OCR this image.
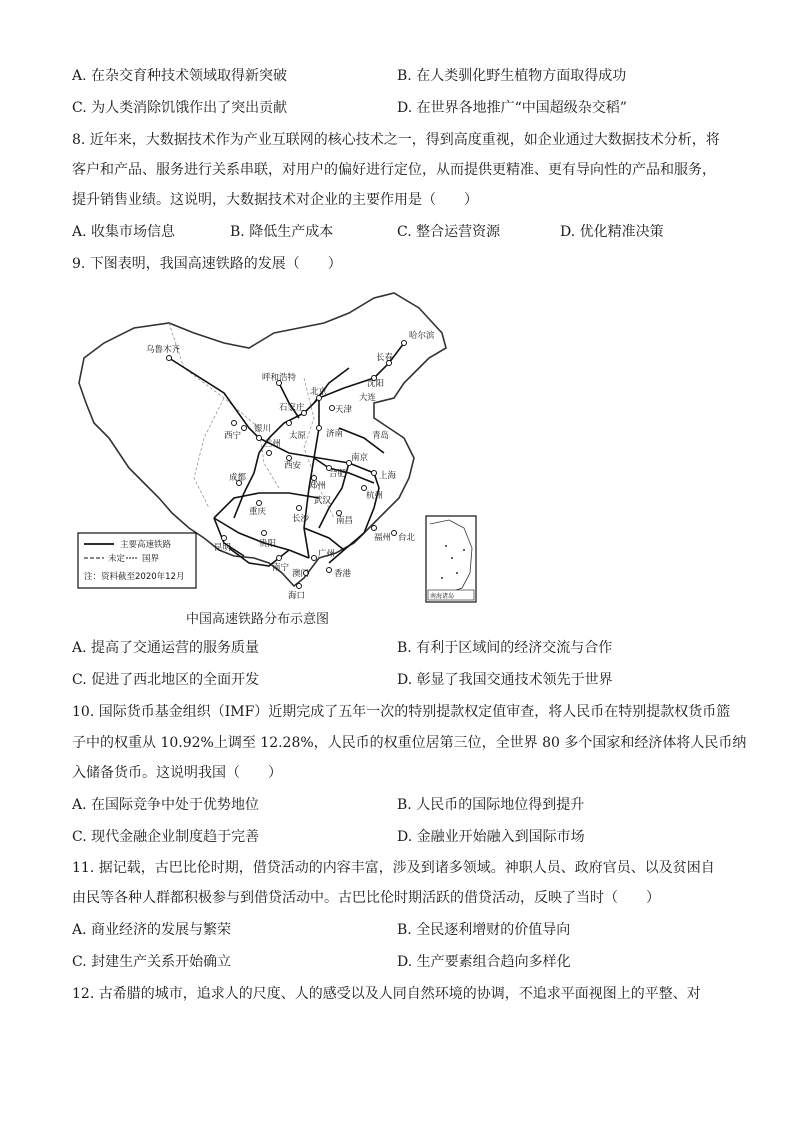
A. 在杂交育种技术领域取得新突破	B. 在人类驯化野生植物方面取得成功
C. 为人类消除饥饿作出了突出贡献	D. 在世界各地推广“中国超级杂交稻”
8. 近年来，大数据技术作为产业互联网的核心技术之一，得到高度重视，如企业通过大数据技术分析，将
客户和产品、服务进行关系串联，对用户的偏好进行定位，从而提供更精准、更有导向性的产品和服务，
提升销售业绩。这说明，大数据技术对企业的主要作用是（　　）
A. 收集市场信息	B. 降低生产成本	C. 整合运营资源	D. 优化精准决策
9. 下图表明，我国高速铁路的发展（　　）
乌鲁木齐
哈尔滨
长春
沈阳
呼和浩特
北京
天津
石家庄
太原
银川
兰州
西宁	济南
西安
郑州
合肥
南京
上海
杭州
武汉
成都
重庆
长沙	南昌
福州 台北
贵阳
昆明
南宁
广州
香港
澳门
海口
大连
青岛
主要高速铁路
未定 国界
注：资料截至2020年12月
南海诸岛
中国高速铁路分布示意图
A. 提高了交通运营的服务质量	B. 有利于区域间的经济交流与合作
C. 促进了西北地区的全面开发	D. 彰显了我国交通技术领先于世界
10. 国际货币基金组织（IMF）近期完成了五年一次的特别提款权定值审查，将人民币在特别提款权货币篮
子中的权重从 10.92%上调至 12.28%，人民币的权重位居第三位，全世界 80 多个国家和经济体将人民币纳
入储备货币。这说明我国（　　）
A. 在国际竞争中处于优势地位	B. 人民币的国际地位得到提升
C. 现代金融企业制度趋于完善	D. 金融业开始融入到国际市场
11. 据记载，古巴比伦时期，借贷活动的内容丰富，涉及到诸多领域。神职人员、政府官员、以及贫困自
由民等各种人群都积极参与到借贷活动中。古巴比伦时期活跃的借贷活动，反映了当时（　　）
A. 商业经济的发展与繁荣	B. 全民逐利增财的价值导向
C. 封建生产关系开始确立	D. 生产要素组合趋向多样化
12. 古希腊的城市，追求人的尺度、人的感受以及人同自然环境的协调，不追求平面视图上的平整、对
